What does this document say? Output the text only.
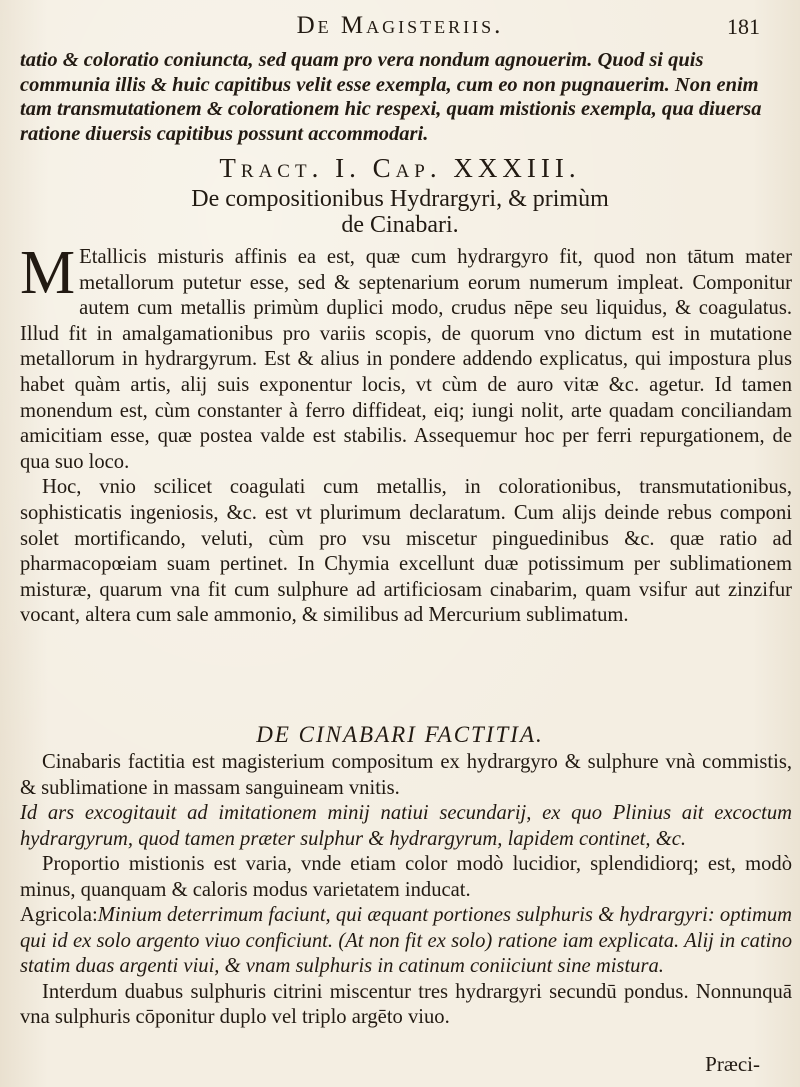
De Magisteriis.	181
tatio & coloratio coniuncta, sed quam pro vera nondum agnouerim. Quod si quis communia illis & huic capitibus velit esse exempla, cum eo non pugnauerim. Non enim tam transmutationem & colorationem hic respexi, quam mistionis exempla, qua diuersa ratione diuersis capitibus possunt accommodari.
Tract. I. Cap. XXXIII.
De compositionibus Hydrargyri, & primùm
de Cinabari.

M Etallicis misturis affinis ea est, quæ cum hydrargyro fit, quod non tātum mater metallorum putetur esse, sed & septenarium eorum numerum impleat. Componitur autem cum metallis primùm duplici modo, crudus nēpe seu liquidus, & coagulatus. Illud fit in amalgamationibus pro variis scopis, de quorum vno dictum est in mutatione metallorum in hydrargyrum. Est & alius in pondere addendo explicatus, qui impostura plus habet quàm artis, alij suis exponentur locis, vt cùm de auro vitæ &c. agetur. Id tamen monendum est, cùm constanter à ferro diffideat, eiq; iungi nolit, arte quadam conciliandam amicitiam esse, quæ postea valde est stabilis. Assequemur hoc per ferri repurgationem, de qua suo loco.

Hoc, vnio scilicet coagulati cum metallis, in colorationibus, transmutationibus, sophisticatis ingeniosis, &c. est vt plurimum declaratum. Cum alijs deinde rebus componi solet mortificando, veluti, cùm pro vsu miscetur pinguedinibus &c. quæ ratio ad pharmacopœiam suam pertinet. In Chymia excellunt duæ potissimum per sublimationem misturæ, quarum vna fit cum sulphure ad artificiosam cinabarim, quam vsifur aut zinzifur vocant, altera cum sale ammonio, & similibus ad Mercurium sublimatum.

DE CINABARI FACTITIA.

Cinabaris factitia est magisterium compositum ex hydrargyro & sulphure vnà commistis, & sublimatione in massam sanguineam vnitis.

Id ars excogitauit ad imitationem minij natiui secundarij, ex quo Plinius ait excoctum hydrargyrum, quod tamen præter sulphur & hydrargyrum, lapidem continet, &c.

Proportio mistionis est varia, vnde etiam color modò lucidior, splendidiorq; est, modò minus, quanquam & caloris modus varietatem inducat.

Agricola:Minium deterrimum faciunt, qui æquant portiones sulphuris & hydrargyri: optimum qui id ex solo argento viuo conficiunt. (At non fit ex solo) ratione iam explicata. Alij in catino statim duas argenti viui, & vnam sulphuris in catinum coniiciunt sine mistura.

Interdum duabus sulphuris citrini miscentur tres hydrargyri secundū pondus. Nonnunquā vna sulphuris cōponitur duplo vel triplo argēto viuo.

Præci-
